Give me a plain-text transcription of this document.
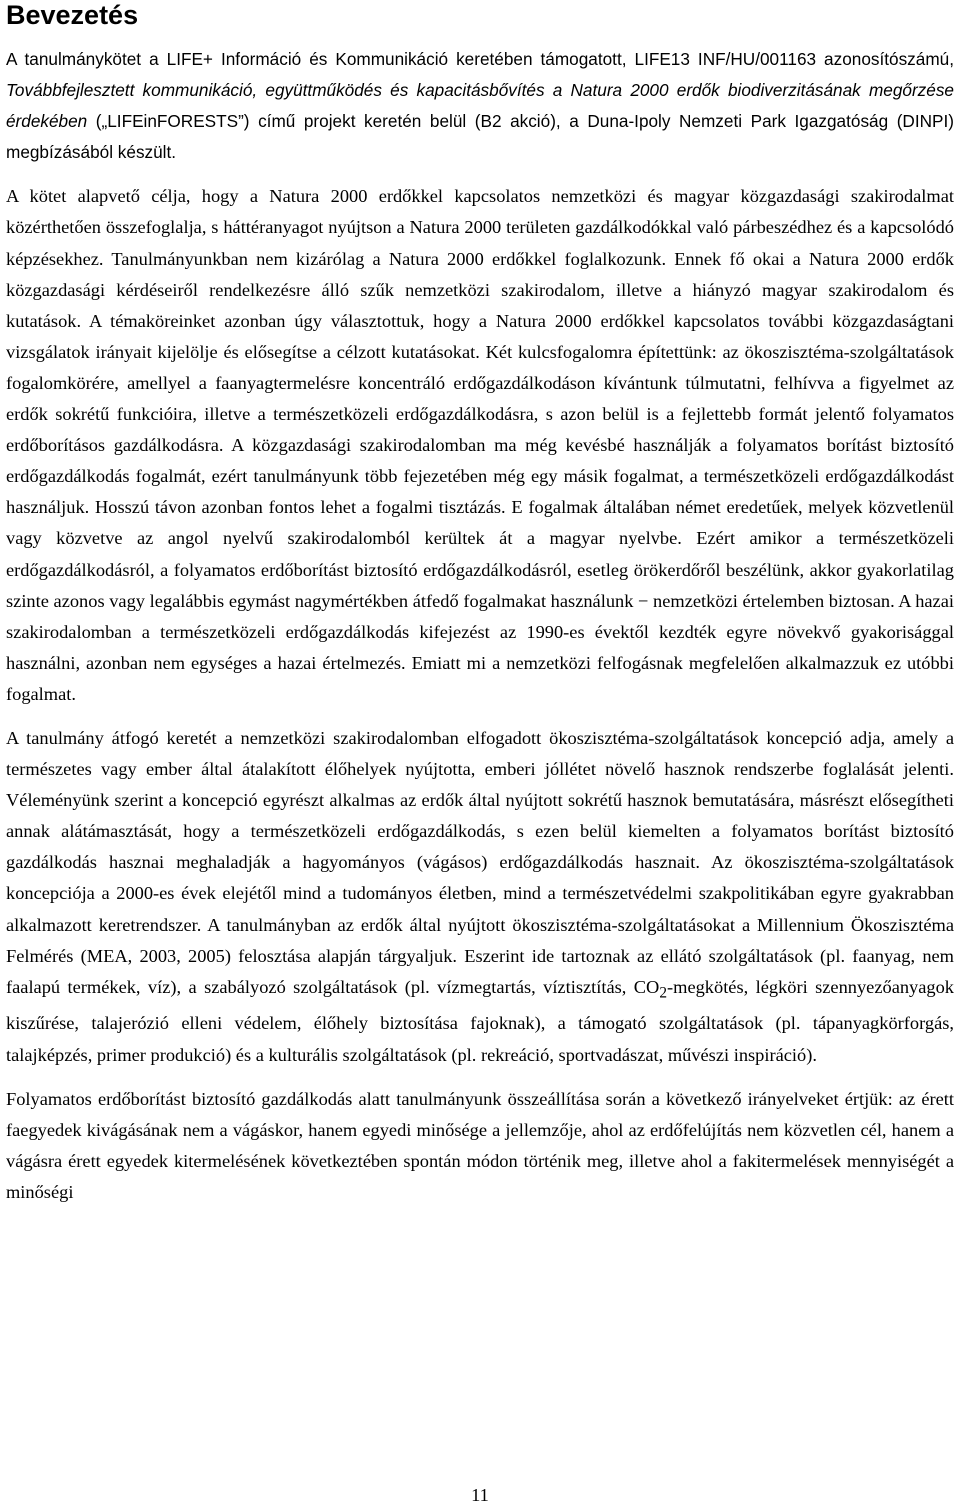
Bevezetés

A tanulmánykötet a LIFE+ Információ és Kommunikáció keretében támogatott, LIFE13 INF/HU/001163 azonosítószámú, Továbbfejlesztett kommunikáció, együttműködés és kapacitásbővítés a Natura 2000 erdők biodiverzitásának megőrzése érdekében („LIFEinFORESTS”) című projekt keretén belül (B2 akció), a Duna-Ipoly Nemzeti Park Igazgatóság (DINPI) megbízásából készült.

A kötet alapvető célja, hogy a Natura 2000 erdőkkel kapcsolatos nemzetközi és magyar közgazdasági szakirodalmat közérthetően összefoglalja, s háttéranyagot nyújtson a Natura 2000 területen gazdálkodókkal való párbeszédhez és a kapcsolódó képzésekhez. Tanulmányunkban nem kizárólag a Natura 2000 erdőkkel foglalkozunk. Ennek fő okai a Natura 2000 erdők közgazdasági kérdéseiről rendelkezésre álló szűk nemzetközi szakirodalom, illetve a hiányzó magyar szakirodalom és kutatások. A témaköreinket azonban úgy választottuk, hogy a Natura 2000 erdőkkel kapcsolatos további közgazdaságtani vizsgálatok irányait kijelölje és elősegítse a célzott kutatásokat. Két kulcsfogalomra építettünk: az ökoszisztéma-szolgáltatások fogalomkörére, amellyel a faanyagtermelésre koncentráló erdőgazdálkodáson kívántunk túlmutatni, felhívva a figyelmet az erdők sokrétű funkcióira, illetve a természetközeli erdőgazdálkodásra, s azon belül is a fejlettebb formát jelentő folyamatos erdőborításos gazdálkodásra. A közgazdasági szakirodalomban ma még kevésbé használják a folyamatos borítást biztosító erdőgazdálkodás fogalmát, ezért tanulmányunk több fejezetében még egy másik fogalmat, a természetközeli erdőgazdálkodást használjuk. Hosszú távon azonban fontos lehet a fogalmi tisztázás. E fogalmak általában német eredetűek, melyek közvetlenül vagy közvetve az angol nyelvű szakirodalomból kerültek át a magyar nyelvbe. Ezért amikor a természetközeli erdőgazdálkodásról, a folyamatos erdőborítást biztosító erdőgazdálkodásról, esetleg örökerdőről beszélünk, akkor gyakorlatilag szinte azonos vagy legalábbis egymást nagymértékben átfedő fogalmakat használunk − nemzetközi értelemben biztosan. A hazai szakirodalomban a természetközeli erdőgazdálkodás kifejezést az 1990-es évektől kezdték egyre növekvő gyakorisággal használni, azonban nem egységes a hazai értelmezés. Emiatt mi a nemzetközi felfogásnak megfelelően alkalmazzuk ez utóbbi fogalmat.

A tanulmány átfogó keretét a nemzetközi szakirodalomban elfogadott ökoszisztéma-szolgáltatások koncepció adja, amely a természetes vagy ember által átalakított élőhelyek nyújtotta, emberi jóllétet növelő hasznok rendszerbe foglalását jelenti. Véleményünk szerint a koncepció egyrészt alkalmas az erdők által nyújtott sokrétű hasznok bemutatására, másrészt elősegítheti annak alátámasztását, hogy a természetközeli erdőgazdálkodás, s ezen belül kiemelten a folyamatos borítást biztosító gazdálkodás hasznai meghaladják a hagyományos (vágásos) erdőgazdálkodás hasznait. Az ökoszisztéma-szolgáltatások koncepciója a 2000-es évek elejétől mind a tudományos életben, mind a természetvédelmi szakpolitikában egyre gyakrabban alkalmazott keretrendszer. A tanulmányban az erdők által nyújtott ökoszisztéma-szolgáltatásokat a Millennium Ökoszisztéma Felmérés (MEA, 2003, 2005) felosztása alapján tárgyaljuk. Eszerint ide tartoznak az ellátó szolgáltatások (pl. faanyag, nem faalapú termékek, víz), a szabályozó szolgáltatások (pl. vízmegtartás, víztisztítás, $CO_2$-megkötés, légköri szennyezőanyagok kiszűrése, talajerózió elleni védelem, élőhely biztosítása fajoknak), a támogató szolgáltatások (pl. tápanyagkörforgás, talajképzés, primer produkció) és a kulturális szolgáltatások (pl. rekreáció, sportvadászat, művészi inspiráció).

Folyamatos erdőborítást biztosító gazdálkodás alatt tanulmányunk összeállítása során a következő irányelveket értjük: az érett faegyedek kivágásának nem a vágáskor, hanem egyedi minősége a jellemzője, ahol az erdőfelújítás nem közvetlen cél, hanem a vágásra érett egyedek kitermelésének következtében spontán módon történik meg, illetve ahol a fakitermelések mennyiségét a minőségi

11
